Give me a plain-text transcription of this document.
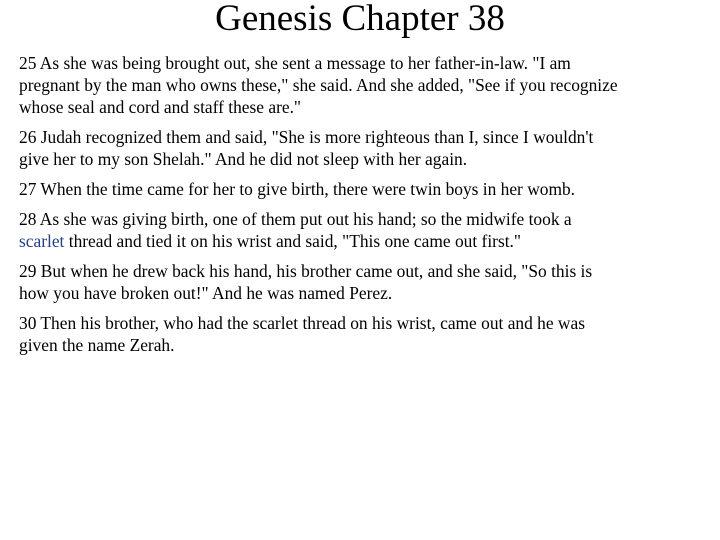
Genesis Chapter 38

25 As she was being brought out, she sent a message to her father-in-law. "I am
pregnant by the man who owns these," she said. And she added, "See if you recognize
whose seal and cord and staff these are."

26 Judah recognized them and said, "She is more righteous than I, since I wouldn't
give her to my son Shelah." And he did not sleep with her again.

27 When the time came for her to give birth, there were twin boys in her womb.

28 As she was giving birth, one of them put out his hand; so the midwife took a
scarlet thread and tied it on his wrist and said, "This one came out first."

29 But when he drew back his hand, his brother came out, and she said, "So this is
how you have broken out!" And he was named Perez.

30 Then his brother, who had the scarlet thread on his wrist, came out and he was
given the name Zerah.
